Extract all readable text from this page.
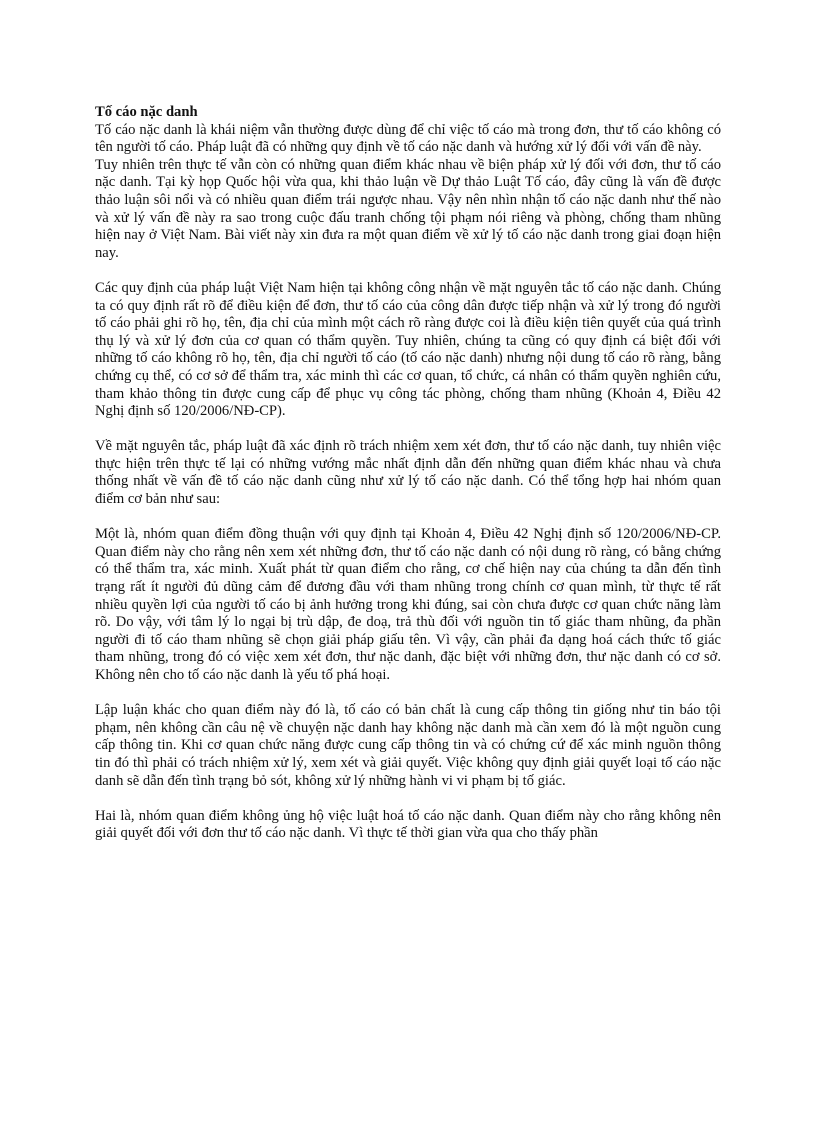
Tố cáo nặc danh

Tố cáo nặc danh là khái niệm vẫn thường được dùng để chỉ việc tố cáo mà trong đơn, thư tố cáo không có tên người tố cáo. Pháp luật đã có những quy định về tố cáo nặc danh và hướng xử lý đối với vấn đề này.

Tuy nhiên trên thực tế vẫn còn có những quan điểm khác nhau về biện pháp xử lý đối với đơn, thư tố cáo nặc danh. Tại kỳ họp Quốc hội vừa qua, khi thảo luận về Dự thảo Luật Tố cáo, đây cũng là vấn đề được thảo luận sôi nổi và có nhiều quan điểm trái ngược nhau. Vậy nên nhìn nhận tố cáo nặc danh như thế nào và xử lý vấn đề này ra sao trong cuộc đấu tranh chống tội phạm nói riêng và phòng, chống tham nhũng hiện nay ở Việt Nam. Bài viết này xin đưa ra một quan điểm về xử lý tố cáo nặc danh trong giai đoạn hiện nay.

Các quy định của pháp luật Việt Nam hiện tại không công nhận về mặt nguyên tắc tố cáo nặc danh. Chúng ta có quy định rất rõ để điều kiện để đơn, thư tố cáo của công dân được tiếp nhận và xử lý trong đó người tố cáo phải ghi rõ họ, tên, địa chỉ của mình một cách rõ ràng được coi là điều kiện tiên quyết của quá trình thụ lý và xử lý đơn của cơ quan có thẩm quyền. Tuy nhiên, chúng ta cũng có quy định cá biệt đối với những tố cáo không rõ họ, tên, địa chỉ người tố cáo (tố cáo nặc danh) nhưng nội dung tố cáo rõ ràng, bằng chứng cụ thể, có cơ sở để thẩm tra, xác minh thì các cơ quan, tổ chức, cá nhân có thẩm quyền nghiên cứu, tham khảo thông tin được cung cấp để phục vụ công tác phòng, chống tham nhũng (Khoản 4, Điều 42 Nghị định số 120/2006/NĐ-CP).

Về mặt nguyên tắc, pháp luật đã xác định rõ trách nhiệm xem xét đơn, thư tố cáo nặc danh, tuy nhiên việc thực hiện trên thực tế lại có những vướng mắc nhất định dẫn đến những quan điểm khác nhau và chưa thống nhất về vấn đề tố cáo nặc danh cũng như xử lý tố cáo nặc danh. Có thể tổng hợp hai nhóm quan điểm cơ bản như sau:

Một là, nhóm quan điểm đồng thuận với quy định tại Khoản 4, Điều 42 Nghị định số 120/2006/NĐ-CP. Quan điểm này cho rằng nên xem xét những đơn, thư tố cáo nặc danh có nội dung rõ ràng, có bằng chứng có thể thẩm tra, xác minh. Xuất phát từ quan điểm cho rằng, cơ chế hiện nay của chúng ta dẫn đến tình trạng rất ít người đủ dũng cảm để đương đầu với tham nhũng trong chính cơ quan mình, từ thực tế rất nhiều quyền lợi của người tố cáo bị ảnh hưởng trong khi đúng, sai còn chưa được cơ quan chức năng làm rõ. Do vậy, với tâm lý lo ngại bị trù dập, đe doạ, trả thù đối với nguồn tin tố giác tham nhũng, đa phần người đi tố cáo tham nhũng sẽ chọn giải pháp giấu tên. Vì vậy, cần phải đa dạng hoá cách thức tố giác tham nhũng, trong đó có việc xem xét đơn, thư nặc danh, đặc biệt với những đơn, thư nặc danh có cơ sở. Không nên cho tố cáo nặc danh là yếu tố phá hoại.

Lập luận khác cho quan điểm này đó là, tố cáo có bản chất là cung cấp thông tin giống như tin báo tội phạm, nên không cần câu nệ về chuyện nặc danh hay không nặc danh mà cần xem đó là một nguồn cung cấp thông tin. Khi cơ quan chức năng được cung cấp thông tin và có chứng cứ để xác minh nguồn thông tin đó thì phải có trách nhiệm xử lý, xem xét và giải quyết. Việc không quy định giải quyết loại tố cáo nặc danh sẽ dẫn đến tình trạng bỏ sót, không xử lý những hành vi vi phạm bị tố giác.

Hai là, nhóm quan điểm không ủng hộ việc luật hoá tố cáo nặc danh. Quan điểm này cho rằng không nên giải quyết đối với đơn thư tố cáo nặc danh. Vì thực tế thời gian vừa qua cho thấy phần
